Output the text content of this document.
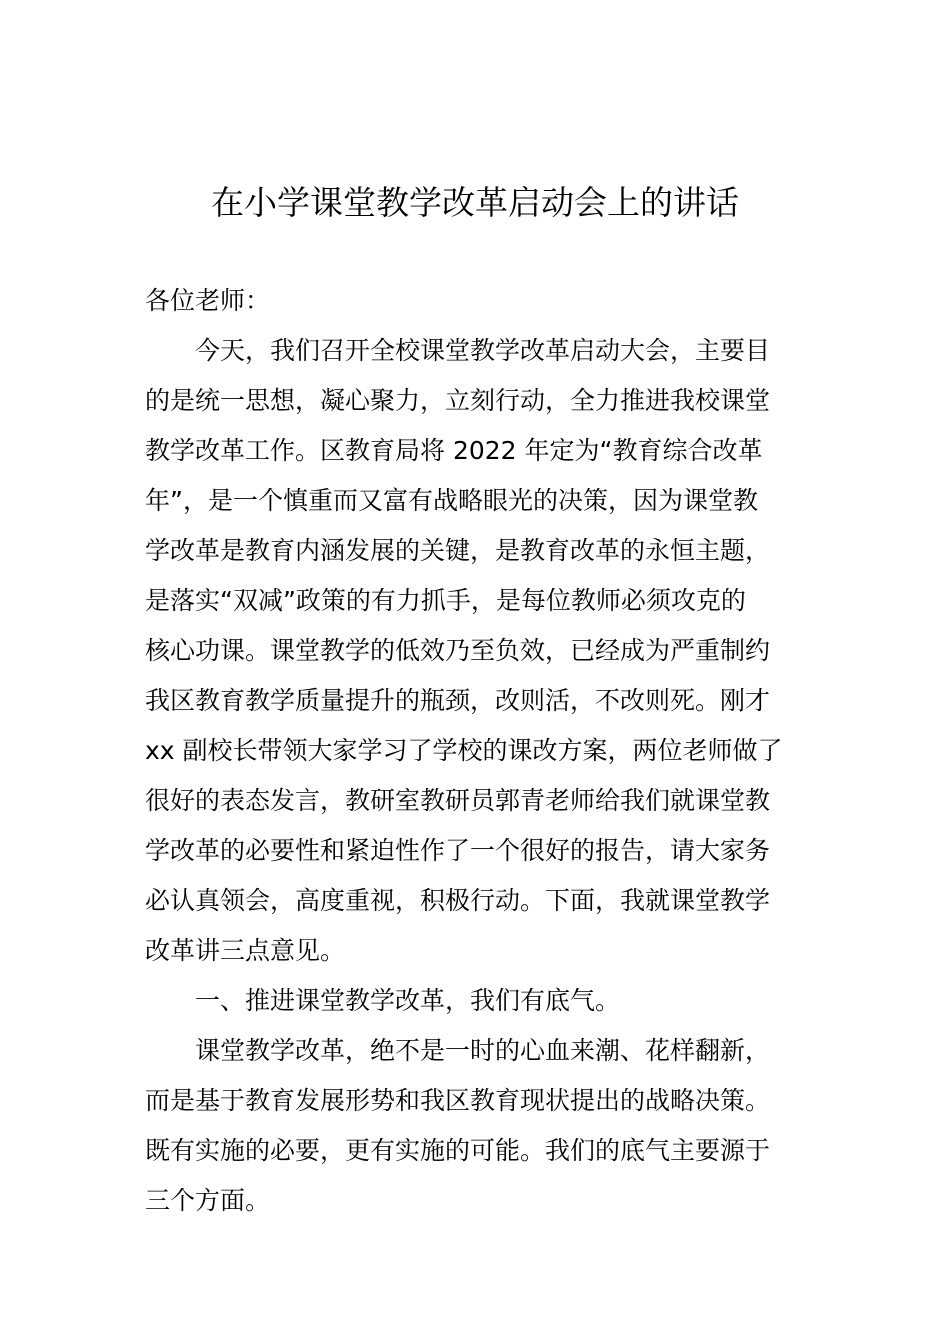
在小学课堂教学改革启动会上的讲话
各位老师：
今天，我们召开全校课堂教学改革启动大会，主要目
的是统一思想，凝心聚力，立刻行动，全力推进我校课堂
教学改革工作。区教育局将 2022 年定为“教育综合改革
年”，是一个慎重而又富有战略眼光的决策，因为课堂教
学改革是教育内涵发展的关键，是教育改革的永恒主题，
是落实“双减”政策的有力抓手，是每位教师必须攻克的
核心功课。课堂教学的低效乃至负效，已经成为严重制约
我区教育教学质量提升的瓶颈，改则活，不改则死。刚才
xx 副校长带领大家学习了学校的课改方案，两位老师做了
很好的表态发言，教研室教研员郭青老师给我们就课堂教
学改革的必要性和紧迫性作了一个很好的报告，请大家务
必认真领会，高度重视，积极行动。下面，我就课堂教学
改革讲三点意见。
一、推进课堂教学改革，我们有底气。
课堂教学改革，绝不是一时的心血来潮、花样翻新，
而是基于教育发展形势和我区教育现状提出的战略决策。
既有实施的必要，更有实施的可能。我们的底气主要源于
三个方面。
